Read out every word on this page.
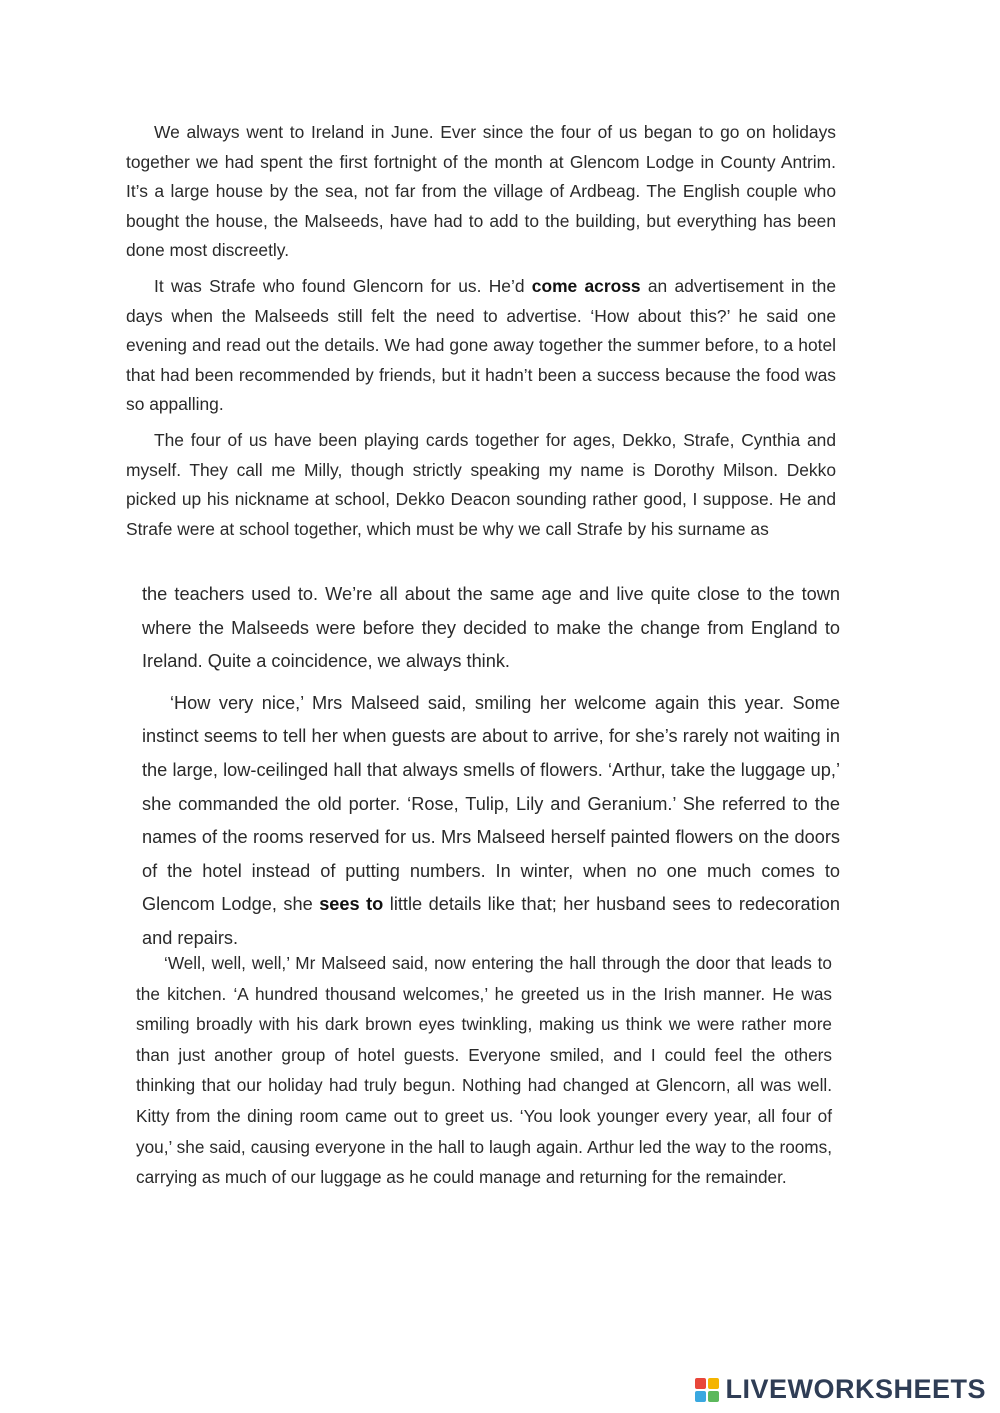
We always went to Ireland in June. Ever since the four of us began to go on holidays together we had spent the first fortnight of the month at Glencom Lodge in County Antrim. It’s a large house by the sea, not far from the village of Ardbeag. The English couple who bought the house, the Malseeds, have had to add to the building, but everything has been done most discreetly.

It was Strafe who found Glencorn for us. He’d come across an advertisement in the days when the Malseeds still felt the need to advertise. ‘How about this?’ he said one evening and read out the details. We had gone away together the summer before, to a hotel that had been recommended by friends, but it hadn’t been a success because the food was so appalling.

The four of us have been playing cards together for ages, Dekko, Strafe, Cynthia and myself. They call me Milly, though strictly speaking my name is Dorothy Milson. Dekko picked up his nickname at school, Dekko Deacon sounding rather good, I suppose. He and Strafe were at school together, which must be why we call Strafe by his surname as

the teachers used to. We’re all about the same age and live quite close to the town where the Malseeds were before they decided to make the change from England to Ireland. Quite a coincidence, we always think.

‘How very nice,’ Mrs Malseed said, smiling her welcome again this year. Some instinct seems to tell her when guests are about to arrive, for she’s rarely not waiting in the large, low-ceilinged hall that always smells of flowers. ‘Arthur, take the luggage up,’ she commanded the old porter. ‘Rose, Tulip, Lily and Geranium.’ She referred to the names of the rooms reserved for us. Mrs Malseed herself painted flowers on the doors of the hotel instead of putting numbers. In winter, when no one much comes to Glencom Lodge, she sees to little details like that; her husband sees to redecoration and repairs.

‘Well, well, well,’ Mr Malseed said, now entering the hall through the door that leads to the kitchen. ‘A hundred thousand welcomes,’ he greeted us in the Irish manner. He was smiling broadly with his dark brown eyes twinkling, making us think we were rather more than just another group of hotel guests. Everyone smiled, and I could feel the others thinking that our holiday had truly begun. Nothing had changed at Glencorn, all was well. Kitty from the dining room came out to greet us. ‘You look younger every year, all four of you,’ she said, causing everyone in the hall to laugh again. Arthur led the way to the rooms, carrying as much of our luggage as he could manage and returning for the remainder.

LIVEWORKSHEETS
